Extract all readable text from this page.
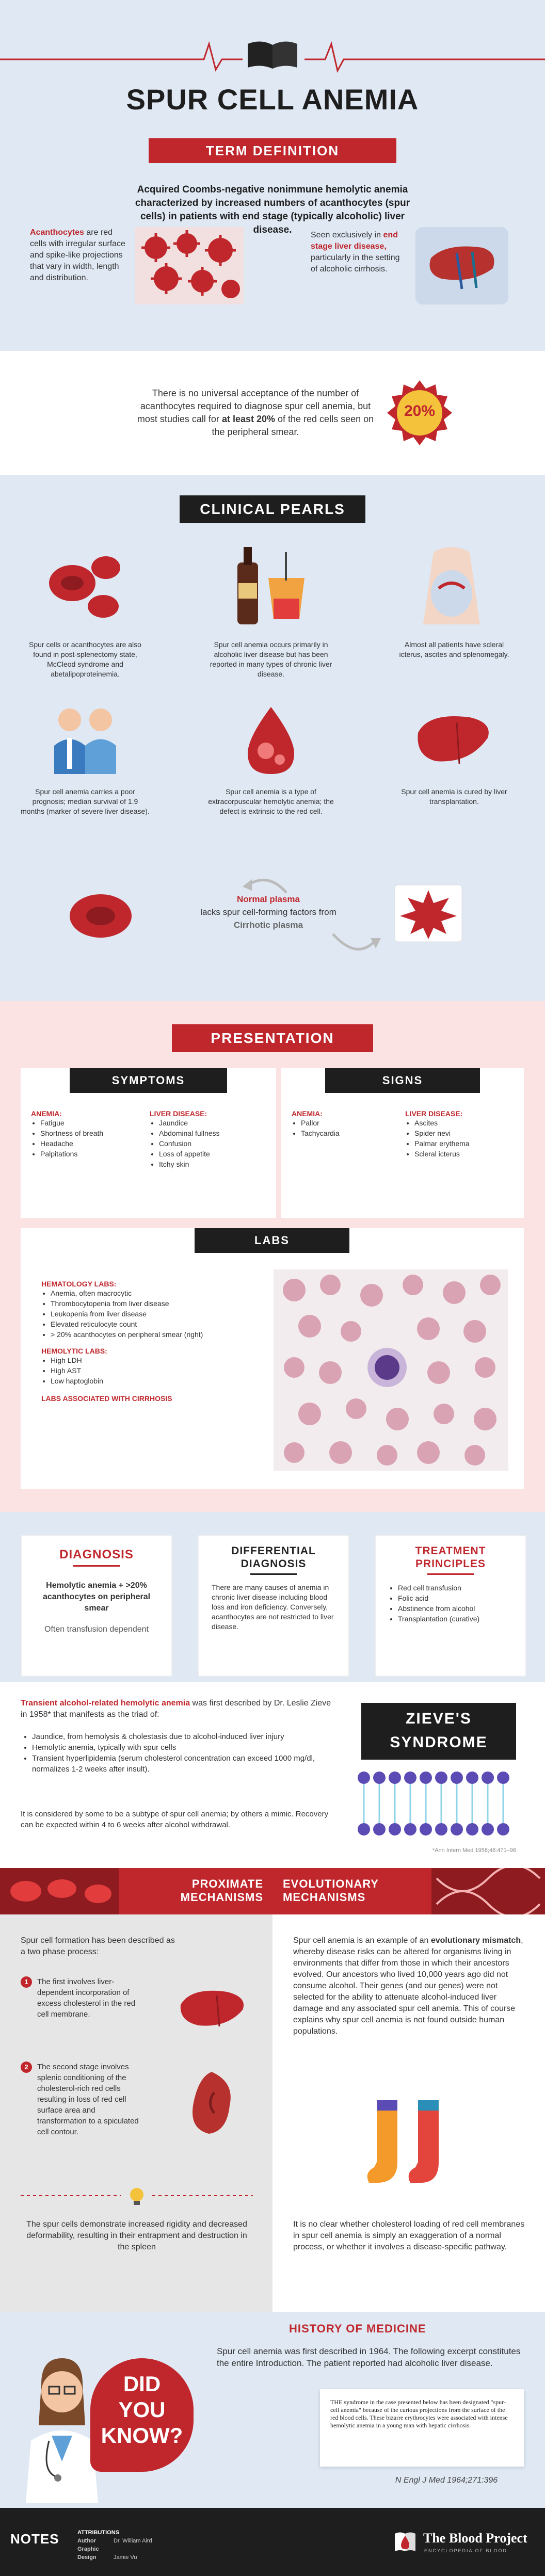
SPUR CELL ANEMIA
TERM DEFINITION
Acquired Coombs-negative nonimmune hemolytic anemia characterized by increased numbers of acanthocytes (spur cells) in patients with end stage (typically alcoholic) liver disease.
Acanthocytes are red cells with irregular surface and spike-like projections that vary in width, length and distribution.
Seen exclusively in end stage liver disease, particularly in the setting of alcoholic cirrhosis.
There is no universal acceptance of the number of acanthocytes required to diagnose spur cell anemia, but most studies call for at least 20% of the red cells seen on the peripheral smear.
20%
CLINICAL PEARLS
Spur cells or acanthocytes are also found in post-splenectomy state, McCleod syndrome and abetalipoproteinemia.
Spur cell anemia occurs primarily in alcoholic liver disease but has been reported in many types of chronic liver disease.
Almost all patients have scleral icterus, ascites and splenomegaly.
Spur cell anemia carries a poor prognosis; median survival of 1.9 months (marker of severe liver disease).
Spur cell anemia is a type of extracorpuscular hemolytic anemia; the defect is extrinsic to the red cell.
Spur cell anemia is cured by liver transplantation.
Normal plasma
lacks spur cell-forming factors from
Cirrhotic plasma
PRESENTATION
SYMPTOMS
ANEMIA:
• Fatigue
• Shortness of breath
• Headache
• Palpitations
LIVER DISEASE:
• Jaundice
• Abdominal fullness
• Confusion
• Loss of appetite
• Itchy skin
SIGNS
ANEMIA:
• Pallor
• Tachycardia
LIVER DISEASE:
• Ascites
• Spider nevi
• Palmar erythema
• Scleral icterus
LABS
HEMATOLOGY LABS:
• Anemia, often macrocytic
• Thrombocytopenia from liver disease
• Leukopenia from liver disease
• Elevated reticulocyte count
• > 20% acanthocytes on peripheral smear (right)
HEMOLYTIC LABS:
• High LDH
• High AST
• Low haptoglobin
LABS ASSOCIATED WITH CIRRHOSIS
DIAGNOSIS
Hemolytic anemia + >20% acanthocytes on peripheral smear
Often transfusion dependent
DIFFERENTIAL DIAGNOSIS
There are many causes of anemia in chronic liver disease including blood loss and iron deficiency. Conversely, acanthocytes are not restricted to liver disease.
TREATMENT PRINCIPLES
• Red cell transfusion
• Folic acid
• Abstinence from alcohol
• Transplantation (curative)
Transient alcohol-related hemolytic anemia was first described by Dr. Leslie Zieve in 1958* that manifests as the triad of:
• Jaundice, from hemolysis & cholestasis due to alcohol-induced liver injury
• Hemolytic anemia, typically with spur cells
• Transient hyperlipidemia (serum cholesterol concentration can exceed 1000 mg/dl, normalizes 1-2 weeks after insult).
It is considered by some to be a subtype of spur cell anemia; by others a mimic. Recovery can be expected within 4 to 6 weeks after alcohol withdrawal.
*Ann Intern Med 1958;48:471–96
ZIEVE'S SYNDROME
PROXIMATE MECHANISMS
EVOLUTIONARY MECHANISMS
Spur cell formation has been described as a two phase process:
1	The first involves liver-dependent incorporation of excess cholesterol in the red cell membrane.
2	The second stage involves splenic conditioning of the cholesterol-rich red cells resulting in loss of red cell surface area and transformation to a spiculated cell contour.
The spur cells demonstrate increased rigidity and decreased deformability, resulting in their entrapment and destruction in the spleen
Spur cell anemia is an example of an evolutionary mismatch, whereby disease risks can be altered for organisms living in environments that differ from those in which their ancestors evolved. Our ancestors who lived 10,000 years ago did not consume alcohol. Their genes (and our genes) were not selected for the ability to attenuate alcohol-induced liver damage and any associated spur cell anemia. This of course explains why spur cell anemia is not found outside human populations.
It is no clear whether cholesterol loading of red cell membranes in spur cell anemia is simply an exaggeration of a normal process, or whether it involves a disease-specific pathway.
DID
YOU
KNOW?
HISTORY OF MEDICINE
Spur cell anemia was first described in 1964. The following excerpt constitutes the entire Introduction. The patient reported had alcoholic liver disease.
THE syndrome in the case presented below has been designated "spur-cell anemia" because of the curious projections from the surface of the red blood cells. These bizarre erythrocytes were associated with intense hemolytic anemia in a young man with hepatic cirrhosis.
N Engl J Med 1964;271:396
NOTES	ATTRIBUTIONS
Author	Dr. William Aird
Graphic Design	Jamie Vu
The Blood Project
ENCYCLOPEDIA OF BLOOD
